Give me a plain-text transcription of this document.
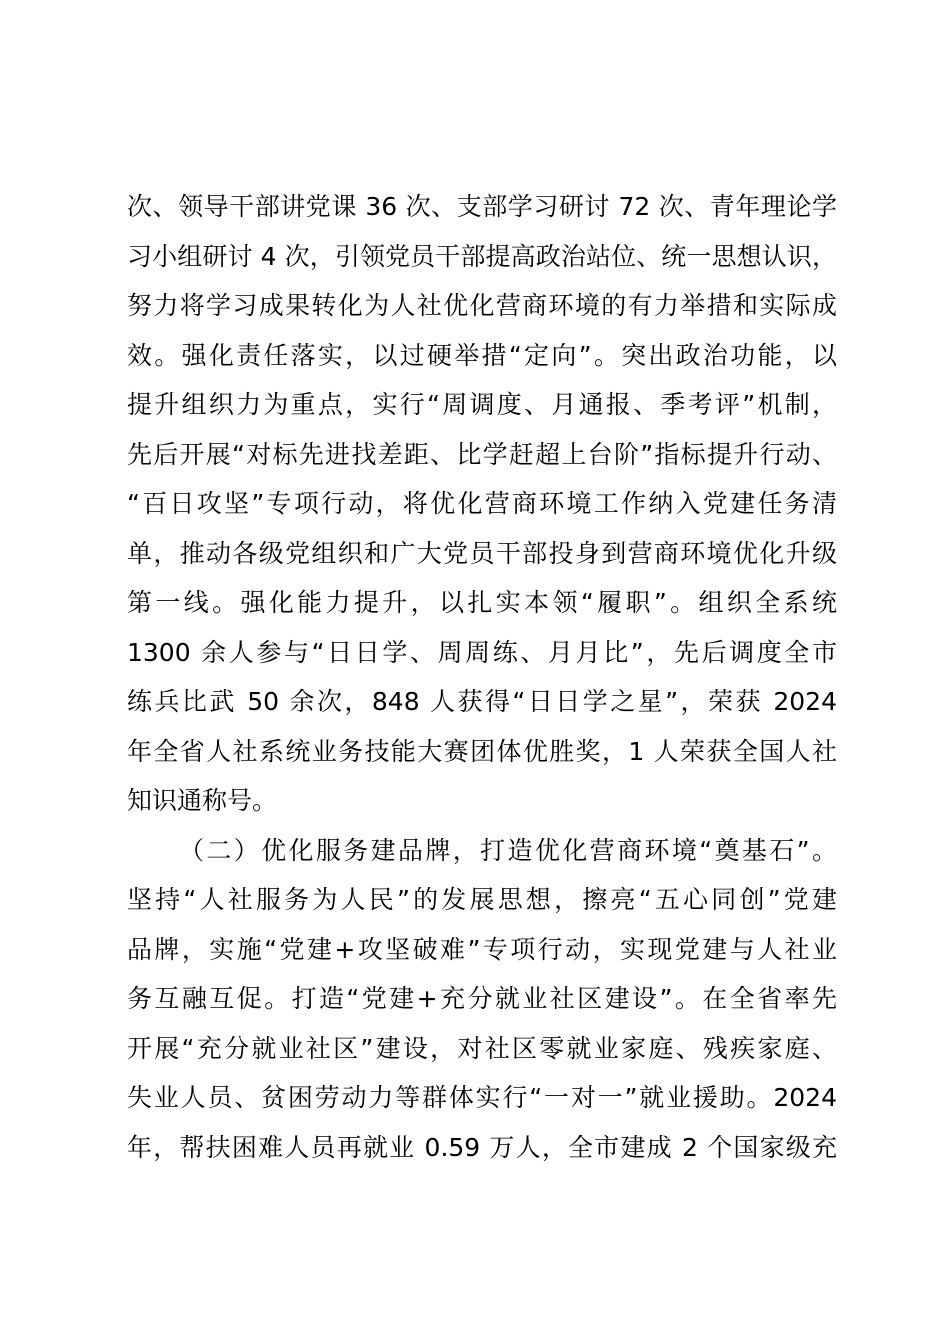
次、领导干部讲党课 36 次、支部学习研讨 72 次、青年理论学
习小组研讨 4 次，引领党员干部提高政治站位、统一思想认识，
努力将学习成果转化为人社优化营商环境的有力举措和实际成
效。强化责任落实，以过硬举措“定向”。突出政治功能，以
提升组织力为重点，实行“周调度、月通报、季考评”机制，
先后开展“对标先进找差距、比学赶超上台阶”指标提升行动、
“百日攻坚”专项行动，将优化营商环境工作纳入党建任务清
单，推动各级党组织和广大党员干部投身到营商环境优化升级
第一线。强化能力提升，以扎实本领“履职”。组织全系统
1300 余人参与“日日学、周周练、月月比”，先后调度全市
练兵比武 50 余次，848 人获得“日日学之星”，荣获 2024
年全省人社系统业务技能大赛团体优胜奖，1 人荣获全国人社
知识通称号。
（二）优化服务建品牌，打造优化营商环境“奠基石”。
坚持“人社服务为人民”的发展思想，擦亮“五心同创”党建
品牌，实施“党建+攻坚破难”专项行动，实现党建与人社业
务互融互促。打造“党建+充分就业社区建设”。在全省率先
开展“充分就业社区”建设，对社区零就业家庭、残疾家庭、
失业人员、贫困劳动力等群体实行“一对一”就业援助。2024
年，帮扶困难人员再就业 0.59 万人，全市建成 2 个国家级充
